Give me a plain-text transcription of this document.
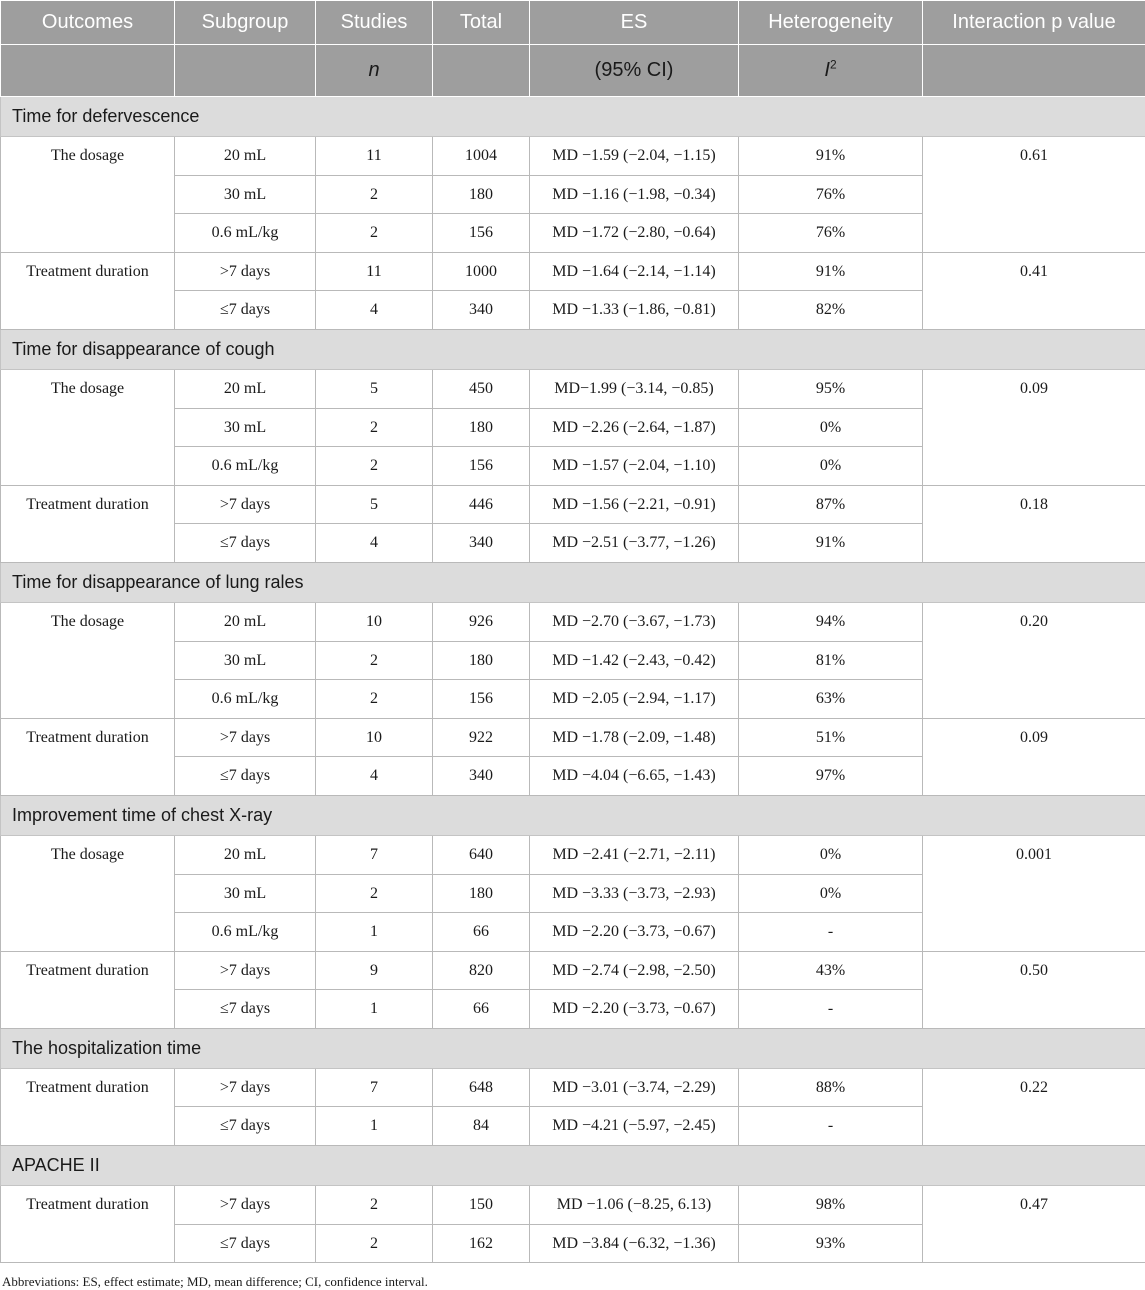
Outcomes	Subgroup	Studies	Total	ES	Heterogeneity	Interaction p value
		n		(95% CI)	$I^2$	
Time for defervescence						
The dosage	20 mL	11	1004	MD −1.59 (−2.04, −1.15)	91%	0.61
	30 mL	2	180	MD −1.16 (−1.98, −0.34)	76%	
	0.6 mL/kg	2	156	MD −1.72 (−2.80, −0.64)	76%	
Treatment duration	>7 days	11	1000	MD −1.64 (−2.14, −1.14)	91%	0.41
	≤7 days	4	340	MD −1.33 (−1.86, −0.81)	82%	
Time for disappearance of cough						
The dosage	20 mL	5	450	MD−1.99 (−3.14, −0.85)	95%	0.09
	30 mL	2	180	MD −2.26 (−2.64, −1.87)	0%	
	0.6 mL/kg	2	156	MD −1.57 (−2.04, −1.10)	0%	
Treatment duration	>7 days	5	446	MD −1.56 (−2.21, −0.91)	87%	0.18
	≤7 days	4	340	MD −2.51 (−3.77, −1.26)	91%	
Time for disappearance of lung rales						
The dosage	20 mL	10	926	MD −2.70 (−3.67, −1.73)	94%	0.20
	30 mL	2	180	MD −1.42 (−2.43, −0.42)	81%	
	0.6 mL/kg	2	156	MD −2.05 (−2.94, −1.17)	63%	
Treatment duration	>7 days	10	922	MD −1.78 (−2.09, −1.48)	51%	0.09
	≤7 days	4	340	MD −4.04 (−6.65, −1.43)	97%	
Improvement time of chest X-ray						
The dosage	20 mL	7	640	MD −2.41 (−2.71, −2.11)	0%	0.001
	30 mL	2	180	MD −3.33 (−3.73, −2.93)	0%	
	0.6 mL/kg	1	66	MD −2.20 (−3.73, −0.67)	-	
Treatment duration	>7 days	9	820	MD −2.74 (−2.98, −2.50)	43%	0.50
	≤7 days	1	66	MD −2.20 (−3.73, −0.67)	-	
The hospitalization time						
Treatment duration	>7 days	7	648	MD −3.01 (−3.74, −2.29)	88%	0.22
	≤7 days	1	84	MD −4.21 (−5.97, −2.45)	-	
APACHE II						
Treatment duration	>7 days	2	150	MD −1.06 (−8.25, 6.13)	98%	0.47
	≤7 days	2	162	MD −3.84 (−6.32, −1.36)	93%	
Abbreviations: ES, effect estimate; MD, mean difference; CI, confidence interval.
